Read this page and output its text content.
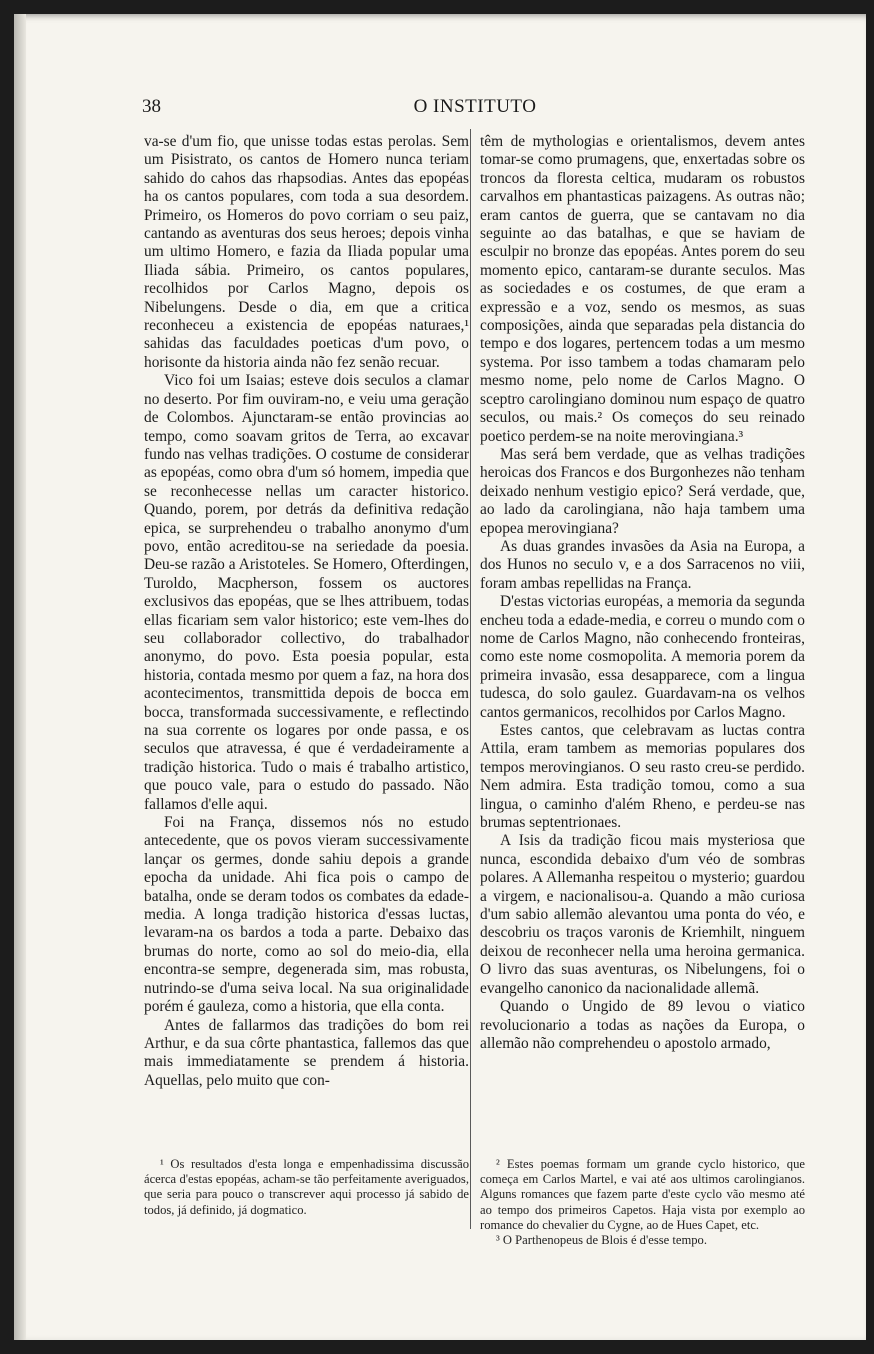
38	O INSTITUTO

va-se d'um fio, que unisse todas estas perolas. Sem um Pisistrato, os cantos de Homero nunca teriam sahido do cahos das rhapsodias. Antes das epopéas ha os cantos populares, com toda a sua desordem. Primeiro, os Homeros do povo corriam o seu paiz, cantando as aventuras dos seus heroes; depois vinha um ultimo Homero, e fazia da Iliada popular uma Iliada sábia. Primeiro, os cantos populares, recolhidos por Carlos Magno, depois os Nibelungens. Desde o dia, em que a critica reconheceu a existencia de epopéas naturaes,¹ sahidas das faculdades poeticas d'um povo, o horisonte da historia ainda não fez senão recuar.

Vico foi um Isaias; esteve dois seculos a clamar no deserto. Por fim ouviram-no, e veiu uma geração de Colombos. Ajunctaram-se então provincias ao tempo, como soavam gritos de Terra, ao excavar fundo nas velhas tradições. O costume de considerar as epopéas, como obra d'um só homem, impedia que se reconhecesse nellas um caracter historico. Quando, porem, por detrás da definitiva redação epica, se surprehendeu o trabalho anonymo d'um povo, então acreditou-se na seriedade da poesia. Deu-se razão a Aristoteles. Se Homero, Ofterdingen, Turoldo, Macpherson, fossem os auctores exclusivos das epopéas, que se lhes attribuem, todas ellas ficariam sem valor historico; este vem-lhes do seu collaborador collectivo, do trabalhador anonymo, do povo. Esta poesia popular, esta historia, contada mesmo por quem a faz, na hora dos acontecimentos, transmittida depois de bocca em bocca, transformada successivamente, e reflectindo na sua corrente os logares por onde passa, e os seculos que atravessa, é que é verdadeiramente a tradição historica. Tudo o mais é trabalho artistico, que pouco vale, para o estudo do passado. Não fallamos d'elle aqui.

Foi na França, dissemos nós no estudo antecedente, que os povos vieram successivamente lançar os germes, donde sahiu depois a grande epocha da unidade. Ahi fica pois o campo de batalha, onde se deram todos os combates da edade-media. A longa tradição historica d'essas luctas, levaram-na os bardos a toda a parte. Debaixo das brumas do norte, como ao sol do meio-dia, ella encontra-se sempre, degenerada sim, mas robusta, nutrindo-se d'uma seiva local. Na sua originalidade porém é gauleza, como a historia, que ella conta.

Antes de fallarmos das tradições do bom rei Arthur, e da sua côrte phantastica, fallemos das que mais immediatamente se prendem á historia. Aquellas, pelo muito que con-

têm de mythologias e orientalismos, devem antes tomar-se como prumagens, que, enxertadas sobre os troncos da floresta celtica, mudaram os robustos carvalhos em phantasticas paizagens. As outras não; eram cantos de guerra, que se cantavam no dia seguinte ao das batalhas, e que se haviam de esculpir no bronze das epopéas. Antes porem do seu momento epico, cantaram-se durante seculos. Mas as sociedades e os costumes, de que eram a expressão e a voz, sendo os mesmos, as suas composições, ainda que separadas pela distancia do tempo e dos logares, pertencem todas a um mesmo systema. Por isso tambem a todas chamaram pelo mesmo nome, pelo nome de Carlos Magno. O sceptro carolingiano dominou num espaço de quatro seculos, ou mais.² Os começos do seu reinado poetico perdem-se na noite merovingiana.³

Mas será bem verdade, que as velhas tradições heroicas dos Francos e dos Burgonhezes não tenham deixado nenhum vestigio epico? Será verdade, que, ao lado da carolingiana, não haja tambem uma epopea merovingiana?

As duas grandes invasões da Asia na Europa, a dos Hunos no seculo v, e a dos Sarracenos no viii, foram ambas repellidas na França.

D'estas victorias européas, a memoria da segunda encheu toda a edade-media, e correu o mundo com o nome de Carlos Magno, não conhecendo fronteiras, como este nome cosmopolita. A memoria porem da primeira invasão, essa desapparece, com a lingua tudesca, do solo gaulez. Guardavam-na os velhos cantos germanicos, recolhidos por Carlos Magno.

Estes cantos, que celebravam as luctas contra Attila, eram tambem as memorias populares dos tempos merovingianos. O seu rasto creu-se perdido. Nem admira. Esta tradição tomou, como a sua lingua, o caminho d'além Rheno, e perdeu-se nas brumas septentrionaes.

A Isis da tradição ficou mais mysteriosa que nunca, escondida debaixo d'um véo de sombras polares. A Allemanha respeitou o mysterio; guardou a virgem, e nacionalisou-a. Quando a mão curiosa d'um sabio allemão alevantou uma ponta do véo, e descobriu os traços varonis de Kriemhilt, ninguem deixou de reconhecer nella uma heroina germanica. O livro das suas aventuras, os Nibelungens, foi o evangelho canonico da nacionalidade allemã.

Quando o Ungido de 89 levou o viatico revolucionario a todas as nações da Europa, o allemão não comprehendeu o apostolo armado,

¹ Os resultados d'esta longa e empenhadissima discussão ácerca d'estas epopéas, acham-se tão perfeitamente averiguados, que seria para pouco o transcrever aqui processo já sabido de todos, já definido, já dogmatico.

² Estes poemas formam um grande cyclo historico, que começa em Carlos Martel, e vai até aos ultimos carolingianos. Alguns romances que fazem parte d'este cyclo vão mesmo até ao tempo dos primeiros Capetos. Haja vista por exemplo ao romance do chevalier du Cygne, ao de Hues Capet, etc.

³ O Parthenopeus de Blois é d'esse tempo.
